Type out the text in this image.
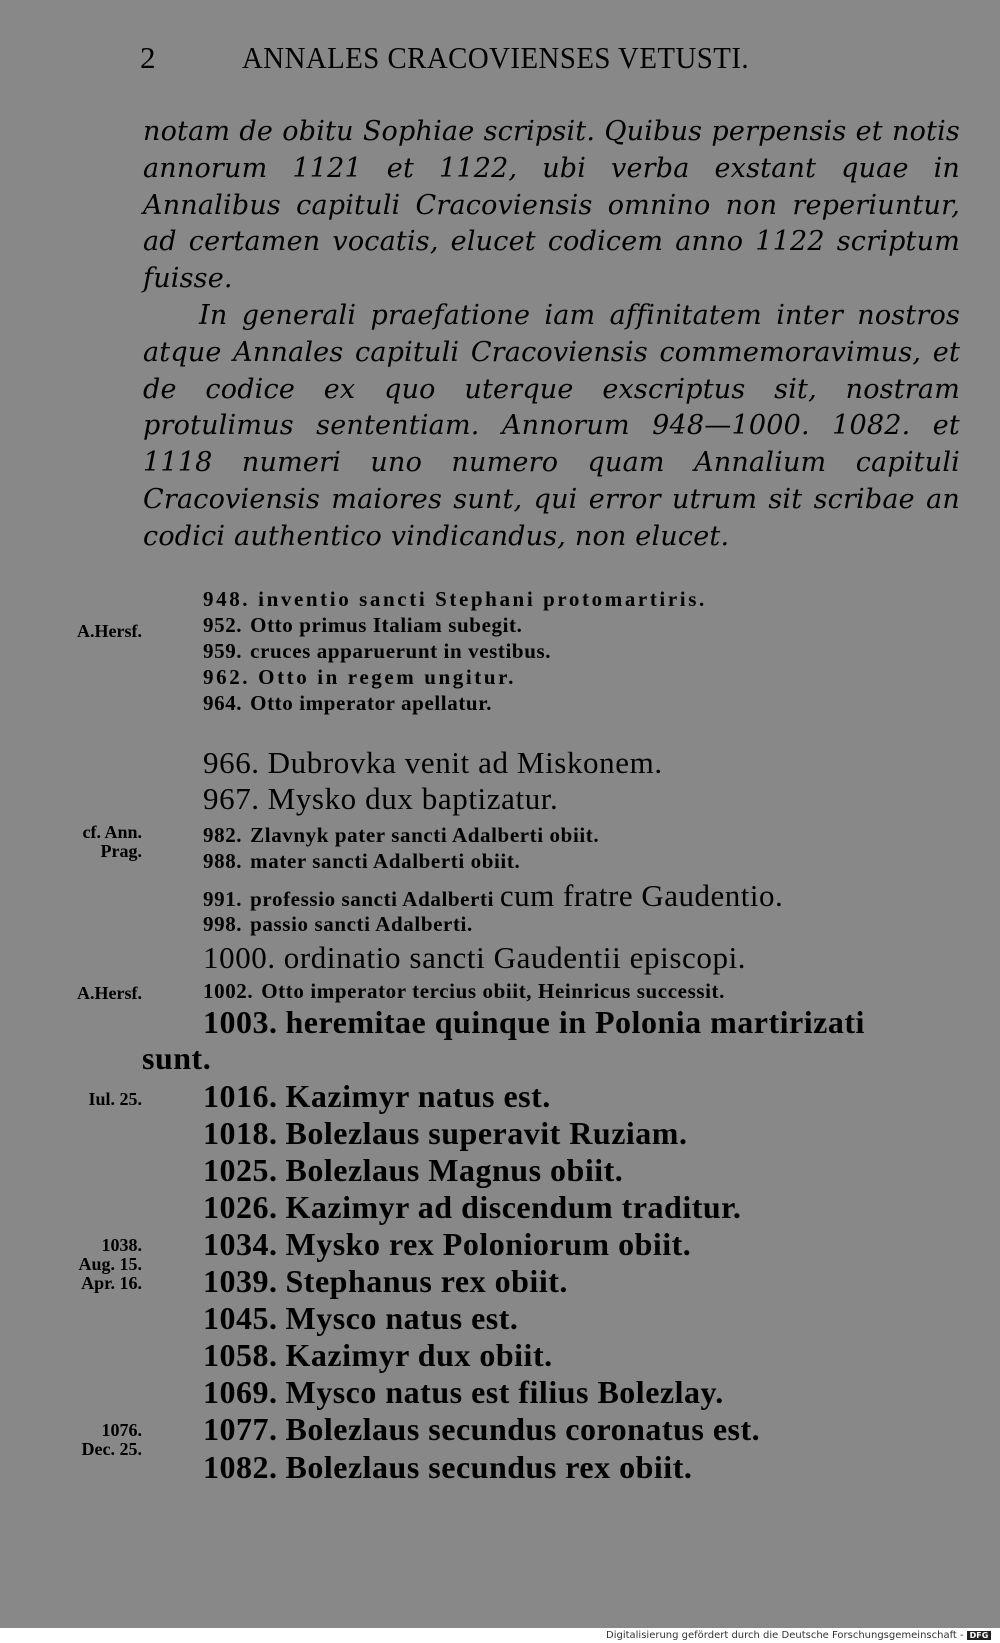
2	ANNALES CRACOVIENSES VETUSTI.

notam de obitu Sophiae scripsit. Quibus perpensis et notis annorum 1121 et 1122, ubi verba exstant quae in Annalibus capituli Cracoviensis omnino non reperiuntur, ad certamen vocatis, elucet codicem anno 1122 scriptum fuisse.

In generali praefatione iam affinitatem inter nostros atque Annales capituli Cracoviensis commemoravimus, et de codice ex quo uterque exscriptus sit, nostram protulimus sententiam. Annorum 948—1000. 1082. et 1118 numeri uno numero quam Annalium capituli Cracoviensis maiores sunt, qui error utrum sit scribae an codici authentico vindicandus, non elucet.

948. inventio sancti Stephani protomartiris.
952. Otto primus Italiam subegit.
959. cruces apparuerunt in vestibus.
962. Otto in regem ungitur.
964. Otto imperator apellatur.
966. Dubrovka venit ad Miskonem.
967. Mysko dux baptizatur.
982. Zlavnyk pater sancti Adalberti obiit.
988. mater sancti Adalberti obiit.
991. professio sancti Adalberti cum fratre Gaudentio.
998. passio sancti Adalberti.
1000. ordinatio sancti Gaudentii episcopi.
1002. Otto imperator tercius obiit, Heinricus successit.
1003. heremitae quinque in Polonia martirizati
sunt.
1016. Kazimyr natus est.
1018. Bolezlaus superavit Ruziam.
1025. Bolezlaus Magnus obiit.
1026. Kazimyr ad discendum traditur.
1034. Mysko rex Poloniorum obiit.
1039. Stephanus rex obiit.
1045. Mysco natus est.
1058. Kazimyr dux obiit.
1069. Mysco natus est filius Bolezlay.
1077. Bolezlaus secundus coronatus est.
1082. Bolezlaus secundus rex obiit.
A.Hersf.
cf. Ann.
Prag.
A.Hersf.
Iul. 25.
1038.
Aug. 15.
Apr. 16.
1076.
Dec. 25.
Digitalisierung gefördert durch die Deutsche Forschungsgemeinschaft - DFG
